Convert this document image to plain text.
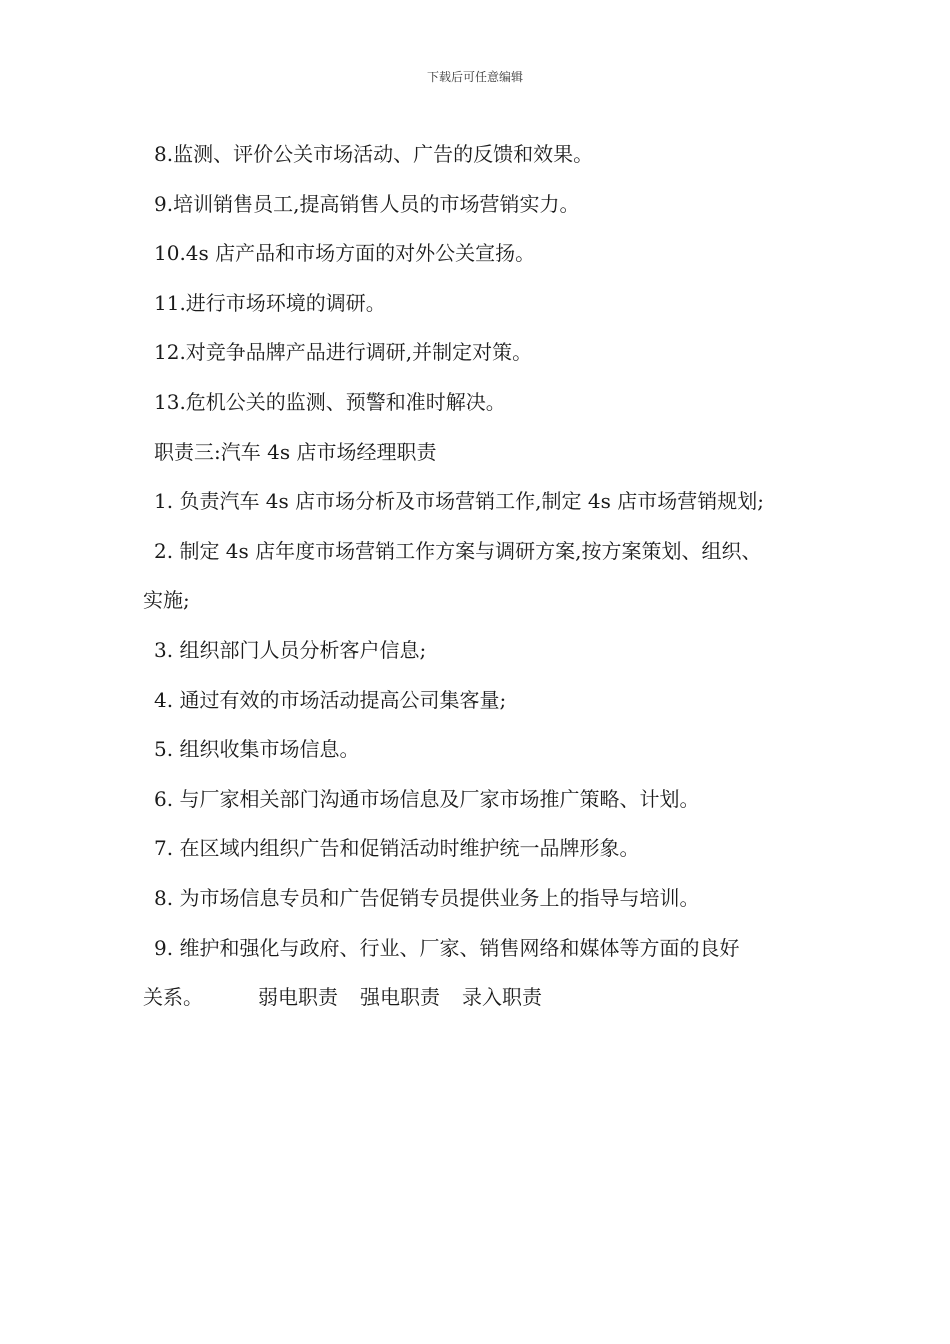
下载后可任意编辑
8.监测、评价公关市场活动、广告的反馈和效果。
9.培训销售员工,提高销售人员的市场营销实力。
10.4s 店产品和市场方面的对外公关宣扬。
11.进行市场环境的调研。
12.对竞争品牌产品进行调研,并制定对策。
13.危机公关的监测、预警和准时解决。
职责三:汽车 4s 店市场经理职责
1. 负责汽车 4s 店市场分析及市场营销工作,制定 4s 店市场营销规划;
2. 制定 4s 店年度市场营销工作方案与调研方案,按方案策划、组织、
实施;
3. 组织部门人员分析客户信息;
4. 通过有效的市场活动提高公司集客量;
5. 组织收集市场信息。
6. 与厂家相关部门沟通市场信息及厂家市场推广策略、计划。
7. 在区域内组织广告和促销活动时维护统一品牌形象。
8. 为市场信息专员和广告促销专员提供业务上的指导与培训。
9. 维护和强化与政府、行业、厂家、销售网络和媒体等方面的良好
关系。	弱电职责 强电职责 录入职责
